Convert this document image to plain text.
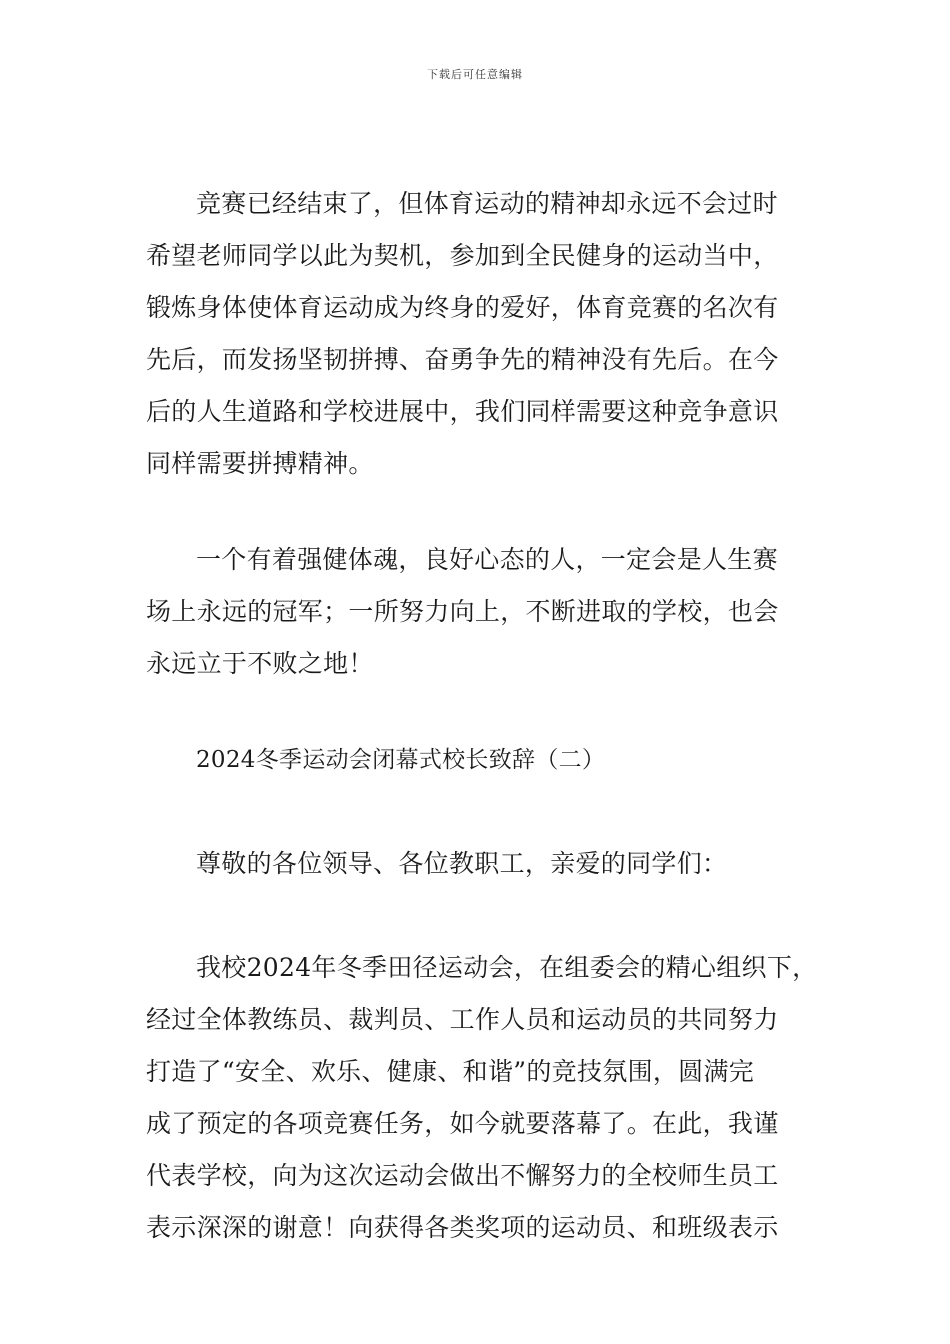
下载后可任意编辑

竞赛已经结束了，但体育运动的精神却永远不会过时
希望老师同学以此为契机，参加到全民健身的运动当中，
锻炼身体使体育运动成为终身的爱好，体育竞赛的名次有
先后，而发扬坚韧拼搏、奋勇争先的精神没有先后。在今
后的人生道路和学校进展中，我们同样需要这种竞争意识
同样需要拼搏精神。

一个有着强健体魂，良好心态的人，一定会是人生赛
场上永远的冠军；一所努力向上，不断进取的学校，也会
永远立于不败之地！

2024冬季运动会闭幕式校长致辞（二）

尊敬的各位领导、各位教职工，亲爱的同学们：

我校2024年冬季田径运动会，在组委会的精心组织下，
经过全体教练员、裁判员、工作人员和运动员的共同努力
打造了“安全、欢乐、健康、和谐”的竞技氛围，圆满完
成了预定的各项竞赛任务，如今就要落幕了。在此，我谨
代表学校，向为这次运动会做出不懈努力的全校师生员工
表示深深的谢意！向获得各类奖项的运动员、和班级表示
